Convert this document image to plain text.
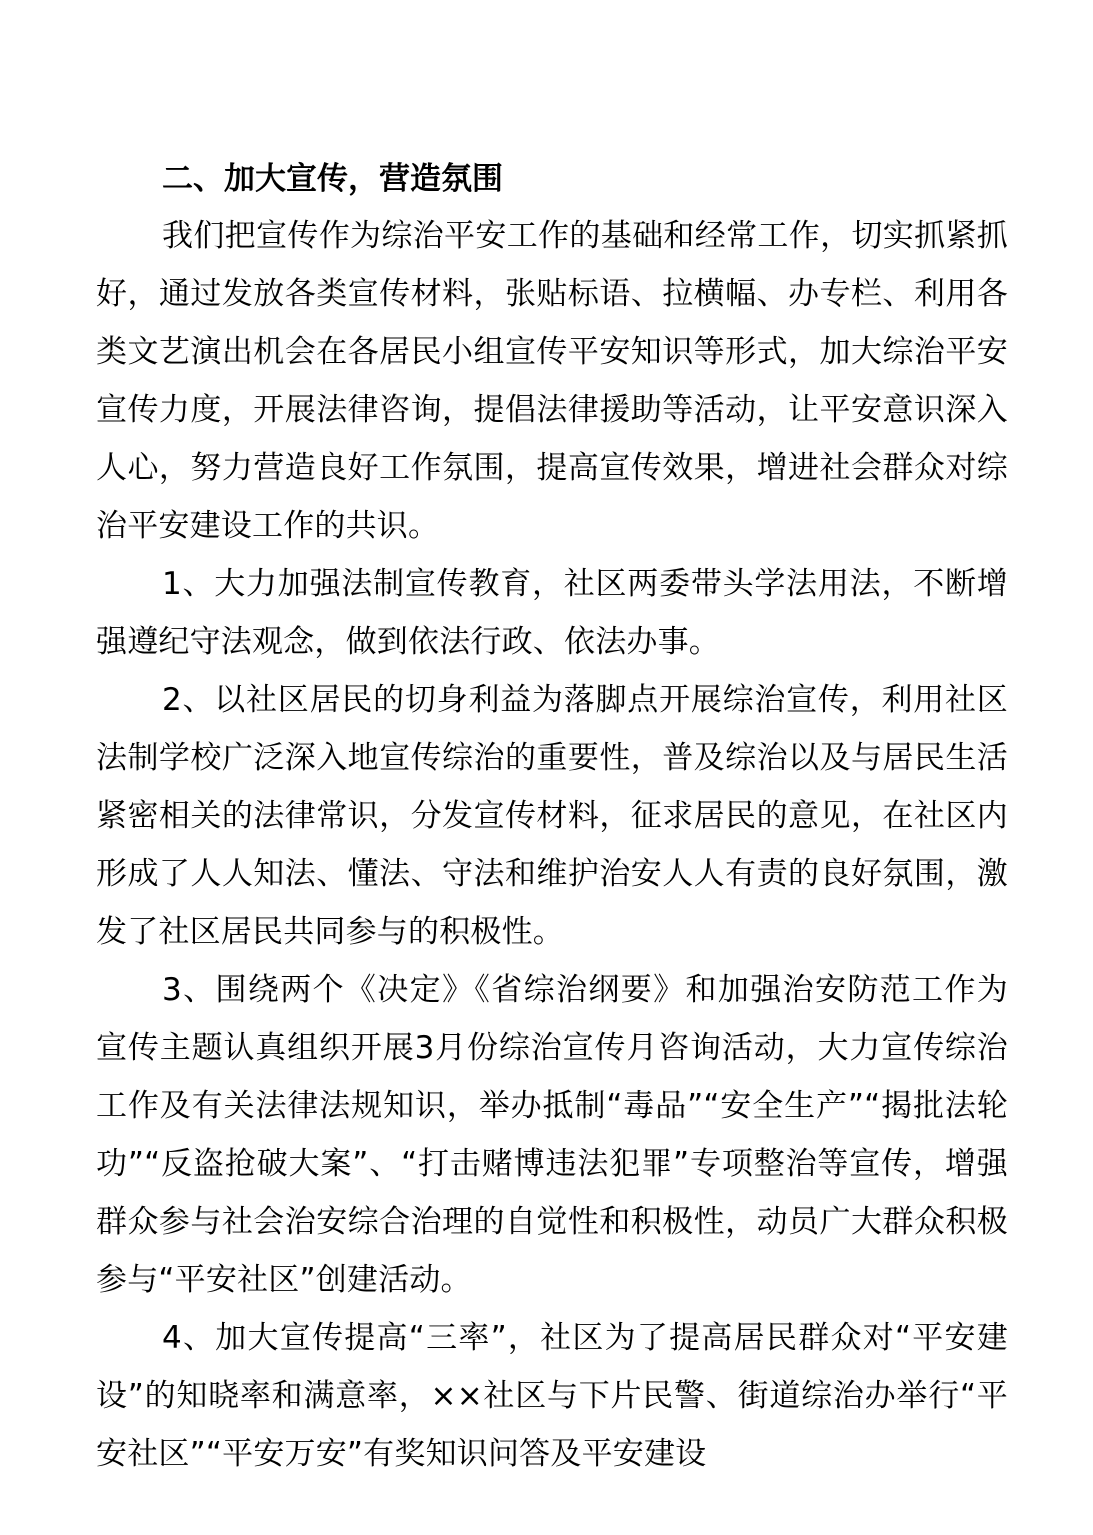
二、加大宣传，营造氛围

我们把宣传作为综治平安工作的基础和经常工作，切实抓紧抓好，通过发放各类宣传材料，张贴标语、拉横幅、办专栏、利用各类文艺演出机会在各居民小组宣传平安知识等形式，加大综治平安宣传力度，开展法律咨询，提倡法律援助等活动，让平安意识深入人心，努力营造良好工作氛围，提高宣传效果，增进社会群众对综治平安建设工作的共识。

1、大力加强法制宣传教育，社区两委带头学法用法，不断增强遵纪守法观念，做到依法行政、依法办事。

2、以社区居民的切身利益为落脚点开展综治宣传，利用社区法制学校广泛深入地宣传综治的重要性，普及综治以及与居民生活紧密相关的法律常识，分发宣传材料，征求居民的意见，在社区内形成了人人知法、懂法、守法和维护治安人人有责的良好氛围，激发了社区居民共同参与的积极性。

3、围绕两个《决定》《省综治纲要》和加强治安防范工作为宣传主题认真组织开展3月份综治宣传月咨询活动，大力宣传综治工作及有关法律法规知识，举办抵制“毒品”“安全生产”“揭批法轮功”“反盗抢破大案”、“打击赌博违法犯罪”专项整治等宣传，增强群众参与社会治安综合治理的自觉性和积极性，动员广大群众积极参与“平安社区”创建活动。

4、加大宣传提高“三率”，社区为了提高居民群众对“平安建设”的知晓率和满意率，××社区与下片民警、街道综治办举行“平安社区”“平安万安”有奖知识问答及平安建设
